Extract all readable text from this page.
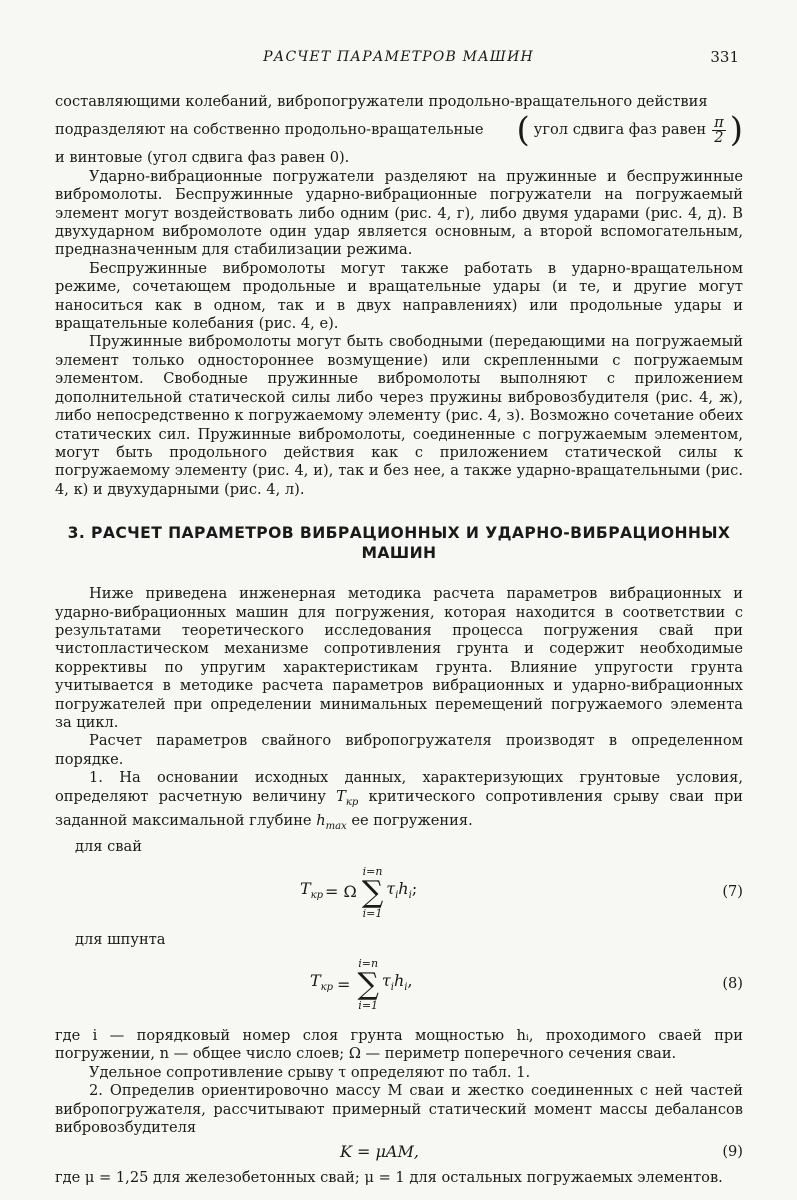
РАСЧЕТ ПАРАМЕТРОВ МАШИН	331

составляющими колебаний, вибропогружатели продольно-вращательного действия

подразделяют на собственно продольно-вращательные ( угол сдвига фаз равен $\frac{\pi}{2}$ )

и винтовые (угол сдвига фаз равен 0).

Ударно-вибрационные погружатели разделяют на пружинные и беспружинные вибромолоты. Беспружинные ударно-вибрационные погружатели на погружаемый элемент могут воздействовать либо одним (рис. 4, г), либо двумя ударами (рис. 4, д). В двухударном вибромолоте один удар является основным, а второй вспомогательным, предназначенным для стабилизации режима.

Беспружинные вибромолоты могут также работать в ударно-вращательном режиме, сочетающем продольные и вращательные удары (и те, и другие могут наноситься как в одном, так и в двух направлениях) или продольные удары и вращательные колебания (рис. 4, е).

Пружинные вибромолоты могут быть свободными (передающими на погружаемый элемент только одностороннее возмущение) или скрепленными с погружаемым элементом. Свободные пружинные вибромолоты выполняют с приложением дополнительной статической силы либо через пружины вибровозбудителя (рис. 4, ж), либо непосредственно к погружаемому элементу (рис. 4, з). Возможно сочетание обеих статических сил. Пружинные вибромолоты, соединенные с погружаемым элементом, могут быть продольного действия как с приложением статической силы к погружаемому элементу (рис. 4, и), так и без нее, а также ударно-вращательными (рис. 4, к) и двухударными (рис. 4, л).

3. РАСЧЕТ ПАРАМЕТРОВ ВИБРАЦИОННЫХ И УДАРНО-ВИБРАЦИОННЫХ
МАШИН

Ниже приведена инженерная методика расчета параметров вибрационных и ударно-вибрационных машин для погружения, которая находится в соответствии с результатами теоретического исследования процесса погружения свай при чистопластическом механизме сопротивления грунта и содержит необходимые коррективы по упругим характеристикам грунта. Влияние упругости грунта учитывается в методике расчета параметров вибрационных и ударно-вибрационных погружателей при определении минимальных перемещений погружаемого элемента за цикл.

Расчет параметров свайного вибропогружателя производят в определенном порядке.

1. На основании исходных данных, характеризующих грунтовые условия, определяют расчетную величину $T_{кр}$ критического сопротивления срыву сваи при заданной максимальной глубине $h_{max}$ ее погружения.

для свай
$T_{кр} = \Omega$
i=n
∑
i=1
$\tau_ih_i$;	(7)
для шпунта
$T_{кр}$ =
i=n
∑
i=1
$\tau_ih_i$,	(8)

где i — порядковый номер слоя грунта мощностью hᵢ, проходимого сваей при погружении, n — общее число слоев; Ω — периметр поперечного сечения сваи.

Удельное сопротивление срыву τ определяют по табл. 1.

2. Определив ориентировочно массу M сваи и жестко соединенных с ней частей вибропогружателя, рассчитывают примерный статический момент массы дебалансов вибровозбудителя

K = μAM,	(9)

где μ = 1,25 для железобетонных свай; μ = 1 для остальных погружаемых элементов.
